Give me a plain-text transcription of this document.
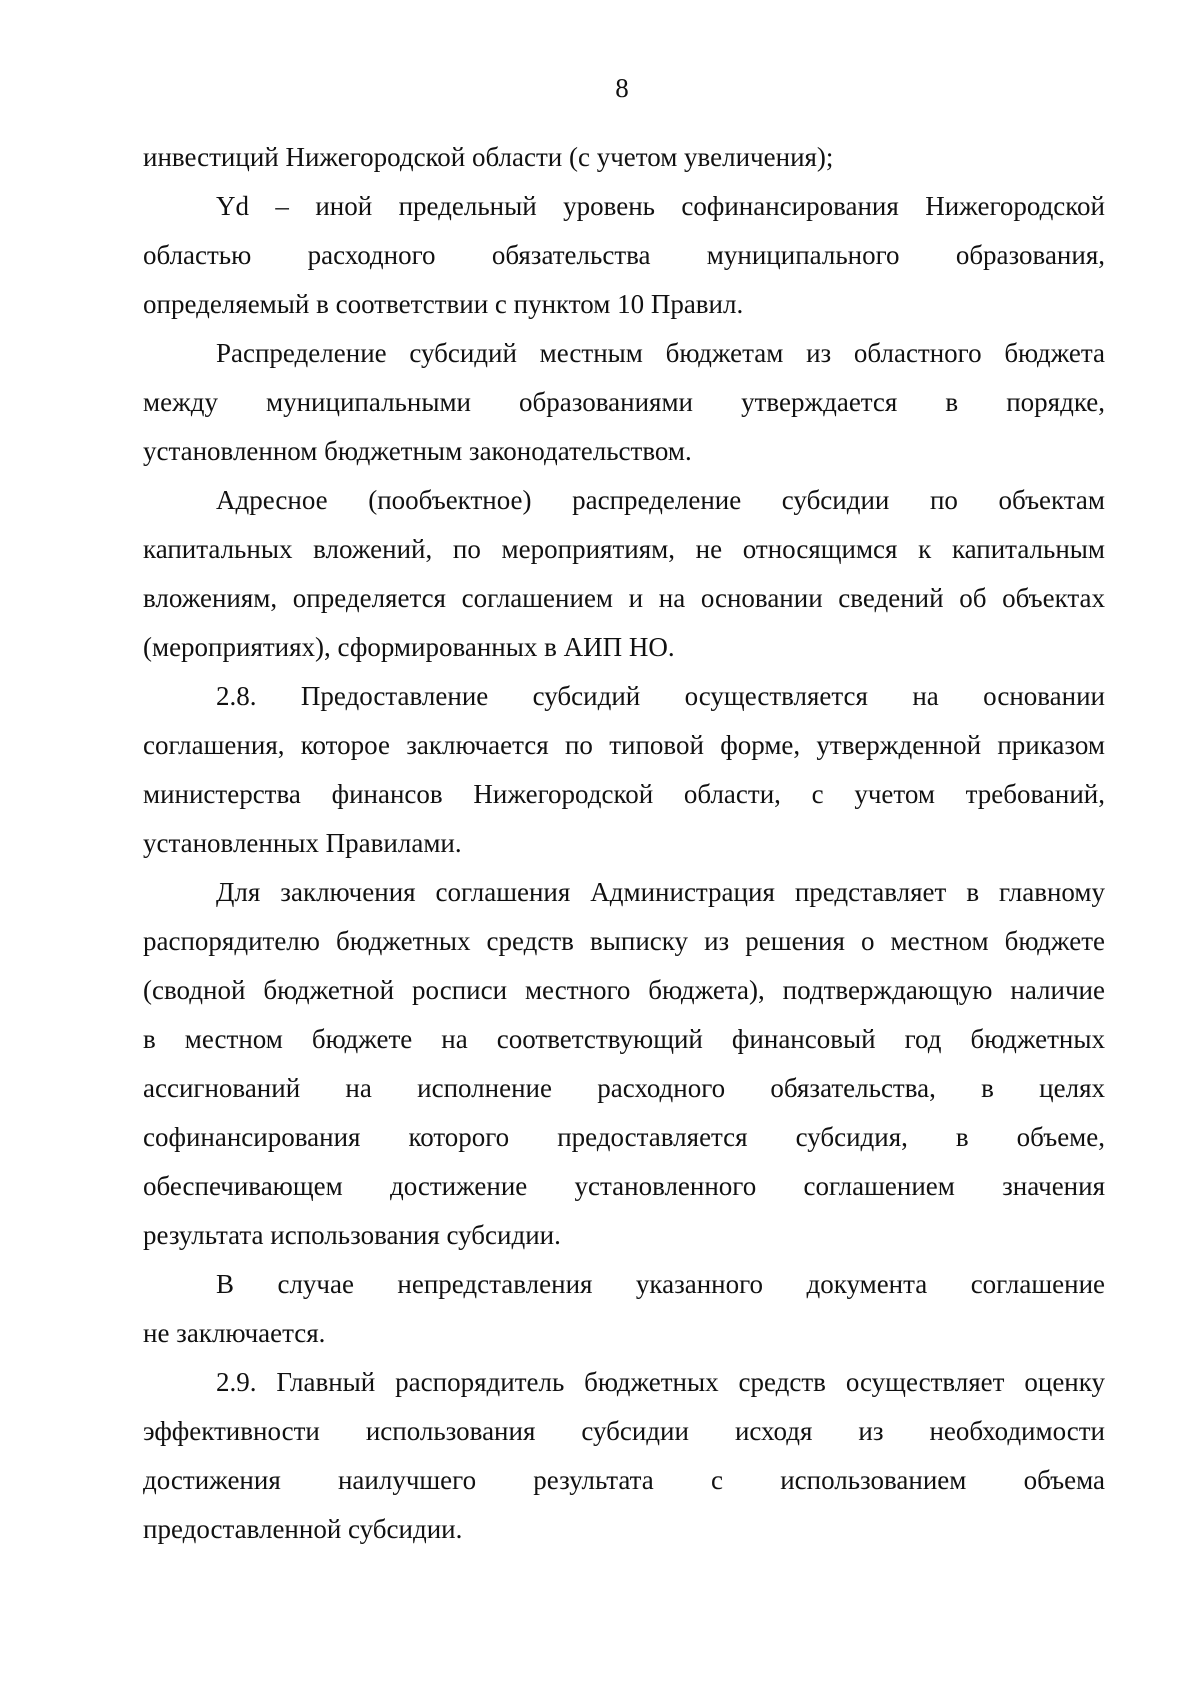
8
инвестиций Нижегородской области (с учетом увеличения);
Yd – иной предельный уровень софинансирования Нижегородской
областью расходного обязательства муниципального образования,
определяемый в соответствии с пунктом 10 Правил.
Распределение субсидий местным бюджетам из областного бюджета
между муниципальными образованиями утверждается в порядке,
установленном бюджетным законодательством.
Адресное (пообъектное) распределение субсидии по объектам
капитальных вложений, по мероприятиям, не относящимся к капитальным
вложениям, определяется соглашением и на основании сведений об объектах
(мероприятиях), сформированных в АИП НО.
2.8. Предоставление субсидий осуществляется на основании
соглашения, которое заключается по типовой форме, утвержденной приказом
министерства финансов Нижегородской области, с учетом требований,
установленных Правилами.
Для заключения соглашения Администрация представляет в главному
распорядителю бюджетных средств выписку из решения о местном бюджете
(сводной бюджетной росписи местного бюджета), подтверждающую наличие
в местном бюджете на соответствующий финансовый год бюджетных
ассигнований на исполнение расходного обязательства, в целях
софинансирования которого предоставляется субсидия, в объеме,
обеспечивающем достижение установленного соглашением значения
результата использования субсидии.
В случае непредставления указанного документа соглашение
не заключается.
2.9. Главный распорядитель бюджетных средств осуществляет оценку
эффективности использования субсидии исходя из необходимости
достижения наилучшего результата с использованием объема
предоставленной субсидии.
